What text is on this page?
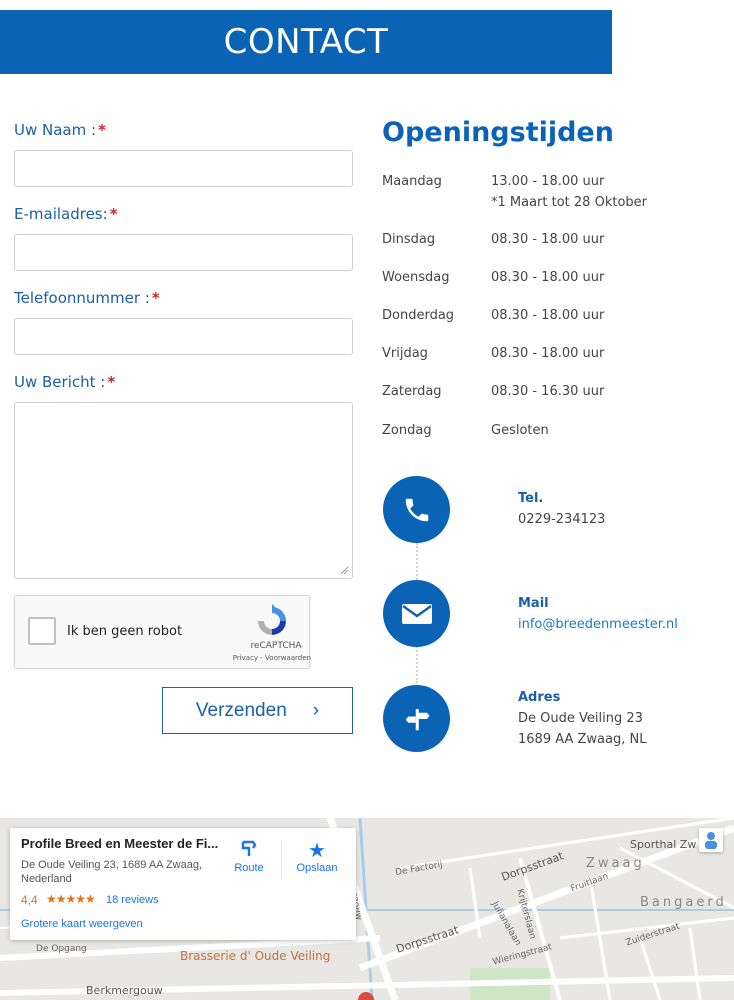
CONTACT
Uw Naam : *
E-mailadres: *
Telefoonnummer : *
Uw Bericht : *
Ik ben geen robot
reCAPTCHA
Privacy - Voorwaarden
Verzenden ›
Openingstijden
Maandag	13.00 - 18.00 uur
*1 Maart tot 28 Oktober
Dinsdag	08.30 - 18.00 uur
Woensdag	08.30 - 18.00 uur
Donderdag	08.30 - 18.00 uur
Vrijdag	08.30 - 18.00 uur
Zaterdag	08.30 - 16.30 uur
Zondag	Gesloten
Tel.
0229-234123
Mail
info@breedenmeester.nl
Adres
De Oude Veiling 23
1689 AA Zwaag, NL
De Factorij	Dorpsstraat
Dorpsstraat
Zwaag
Bangaerd
Sporthal Zw
Fruitlaan
Krijterslaan
Julianalaan
Wieringstraat
Zuiderstraat
De Opgang	Brasserie d' Oude Veiling
Berkmergouw
Profile Breed en Meester de Fi...
De Oude Veiling 23, 1689 AA Zwaag, Nederland
4,4 ★★★★★ 18 reviews
Grotere kaart weergeven
Route
★
Opslaan
